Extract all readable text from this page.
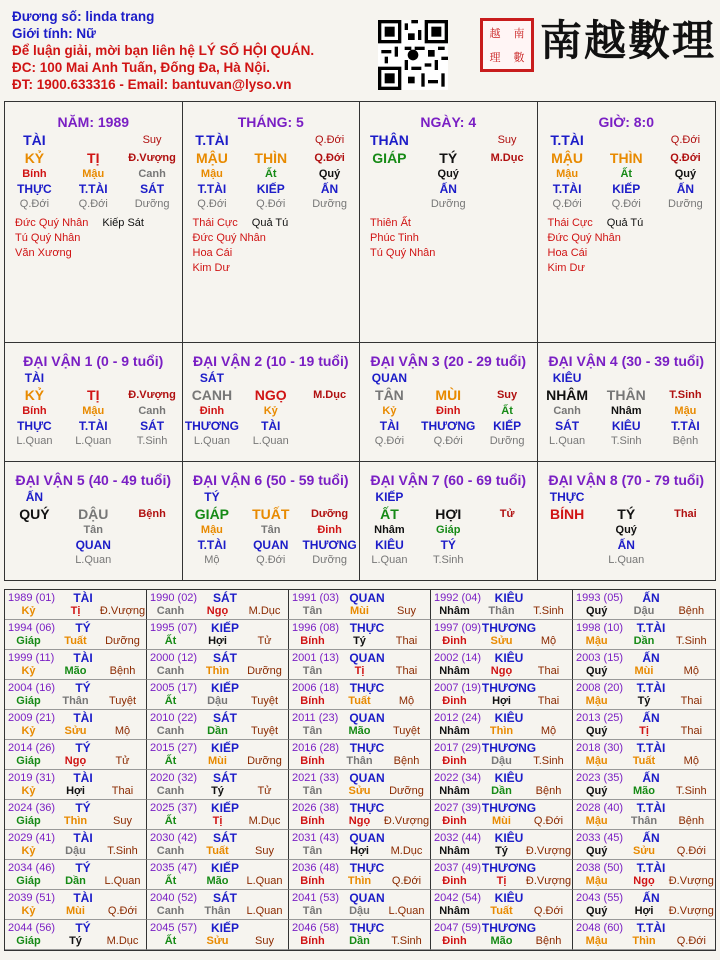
Đương số: linda trang
Giới tính: Nữ
Để luận giải, mời bạn liên hệ LÝ SỐ HỘI QUÁN.
ĐC: 100 Mai Anh Tuấn, Đống Đa, Hà Nội.
ĐT: 1900.633316 - Email: bantuvan@lyso.vn
越 南
理 數 南越數理
NĂM: 1989
TÀI	Suy
KỶ	TỊ	Đ.Vượng
Bính	Mậu	Canh
THỰC	T.TÀI	SÁT
Q.Đới	Q.Đới	Dưỡng
Đức Quý Nhân Kiếp Sát
Tú Quý Nhân
Văn Xương
THÁNG: 5
T.TÀI	Q.Đới
MẬU	THÌN	Q.Đới
Mậu	Ất	Quý
T.TÀI	KIẾP	ẤN
Q.Đới	Q.Đới	Dưỡng
Thái Cực Quả Tú
Đức Quý Nhân
Hoa Cái
Kim Dư
NGÀY: 4
THÂN	Suy
GIÁP	TÝ	M.Dục
Quý
ẤN
Dưỡng
Thiên Ất
Phúc Tinh
Tú Quý Nhân
GIỜ: 8:0
T.TÀI	Q.Đới
MẬU	THÌN	Q.Đới
Mậu	Ất	Quý
T.TÀI	KIẾP	ẤN
Q.Đới	Q.Đới	Dưỡng
Thái Cực Quả Tú
Đức Quý Nhân
Hoa Cái
Kim Dư
ĐẠI VẬN 1 (0 - 9 tuổi)
TÀI
KỶ	TỊ	Đ.Vượng
Bính	Mậu	Canh
THỰC	T.TÀI	SÁT
L.Quan	L.Quan	T.Sinh
ĐẠI VẬN 2 (10 - 19 tuổi)
SÁT
CANH	NGỌ	M.Dục
Đinh	Kỷ
THƯƠNG	TÀI
L.Quan	L.Quan
ĐẠI VẬN 3 (20 - 29 tuổi)
QUAN
TÂN	MÙI	Suy
Kỷ	Đinh	Ất
TÀI	THƯƠNG	KIẾP
Q.Đới	Q.Đới	Dưỡng
ĐẠI VẬN 4 (30 - 39 tuổi)
KIÊU
NHÂM	THÂN	T.Sinh
Canh	Nhâm	Mậu
SÁT	KIÊU	T.TÀI
L.Quan	T.Sinh	Bệnh
ĐẠI VẬN 5 (40 - 49 tuổi)
ẤN
QUÝ	DẬU	Bệnh
Tân
QUAN
L.Quan
ĐẠI VẬN 6 (50 - 59 tuổi)
TÝ
GIÁP	TUẤT	Dưỡng
Mậu	Tân	Đinh
T.TÀI	QUAN	THƯƠNG
Mộ	Q.Đới	Dưỡng
ĐẠI VẬN 7 (60 - 69 tuổi)
KIẾP
ẤT	HỢI	Tử
Nhâm	Giáp
KIÊU	TÝ
L.Quan	T.Sinh
ĐẠI VẬN 8 (70 - 79 tuổi)
THỰC
BÍNH	TÝ	Thai
Quý
ẤN
L.Quan
1989 (01) TÀI
Kỷ	Tị	Đ.Vượng
1990 (02) SÁT
Canh	Ngọ	M.Dục
1991 (03) QUAN
Tân	Mùi	Suy
1992 (04) KIÊU
Nhâm	Thân	T.Sinh
1993 (05) ẤN
Quý	Dậu	Bệnh
1994 (06) TÝ
Giáp	Tuất	Dưỡng
1995 (07) KIẾP
Ất	Hợi	Tử
1996 (08) THỰC
Bính	Tý	Thai
1997 (09) THƯƠNG
Đinh	Sửu	Mộ
1998 (10) T.TÀI
Mậu	Dần	T.Sinh
1999 (11) TÀI
Kỷ	Mão	Bệnh
2000 (12) SÁT
Canh	Thìn	Dưỡng
2001 (13) QUAN
Tân	Tị	Thai
2002 (14) KIÊU
Nhâm	Ngọ	Thai
2003 (15) ẤN
Quý	Mùi	Mộ
2004 (16) TÝ
Giáp	Thân	Tuyệt
2005 (17) KIẾP
Ất	Dậu	Tuyệt
2006 (18) THỰC
Bính	Tuất	Mộ
2007 (19) THƯƠNG
Đinh	Hợi	Thai
2008 (20) T.TÀI
Mậu	Tý	Thai
2009 (21) TÀI
Kỷ	Sửu	Mộ
2010 (22) SÁT
Canh	Dần	Tuyệt
2011 (23) QUAN
Tân	Mão	Tuyệt
2012 (24) KIÊU
Nhâm	Thìn	Mộ
2013 (25) ẤN
Quý	Tị	Thai
2014 (26) TÝ
Giáp	Ngọ	Tử
2015 (27) KIẾP
Ất	Mùi	Dưỡng
2016 (28) THỰC
Bính	Thân	Bệnh
2017 (29) THƯƠNG
Đinh	Dậu	T.Sinh
2018 (30) T.TÀI
Mậu	Tuất	Mộ
2019 (31) TÀI
Kỷ	Hợi	Thai
2020 (32) SÁT
Canh	Tý	Tử
2021 (33) QUAN
Tân	Sửu	Dưỡng
2022 (34) KIÊU
Nhâm	Dần	Bệnh
2023 (35) ẤN
Quý	Mão	T.Sinh
2024 (36) TÝ
Giáp	Thìn	Suy
2025 (37) KIẾP
Ất	Tị	M.Dục
2026 (38) THỰC
Bính	Ngọ	Đ.Vượng
2027 (39) THƯƠNG
Đinh	Mùi	Q.Đới
2028 (40) T.TÀI
Mậu	Thân	Bệnh
2029 (41) TÀI
Kỷ	Dậu	T.Sinh
2030 (42) SÁT
Canh	Tuất	Suy
2031 (43) QUAN
Tân	Hợi	M.Dục
2032 (44) KIÊU
Nhâm	Tý	Đ.Vượng
2033 (45) ẤN
Quý	Sửu	Q.Đới
2034 (46) TÝ
Giáp	Dần	L.Quan
2035 (47) KIẾP
Ất	Mão	L.Quan
2036 (48) THỰC
Bính	Thìn	Q.Đới
2037 (49) THƯƠNG
Đinh	Tị	Đ.Vượng
2038 (50) T.TÀI
Mậu	Ngọ	Đ.Vượng
2039 (51) TÀI
Kỷ	Mùi	Q.Đới
2040 (52) SÁT
Canh	Thân	L.Quan
2041 (53) QUAN
Tân	Dậu	L.Quan
2042 (54) KIÊU
Nhâm	Tuất	Q.Đới
2043 (55) ẤN
Quý	Hợi	Đ.Vượng
2044 (56) TÝ
Giáp	Tý	M.Dục
2045 (57) KIẾP
Ất	Sửu	Suy
2046 (58) THỰC
Bính	Dần	T.Sinh
2047 (59) THƯƠNG
Đinh	Mão	Bệnh
2048 (60) T.TÀI
Mậu	Thìn	Q.Đới
